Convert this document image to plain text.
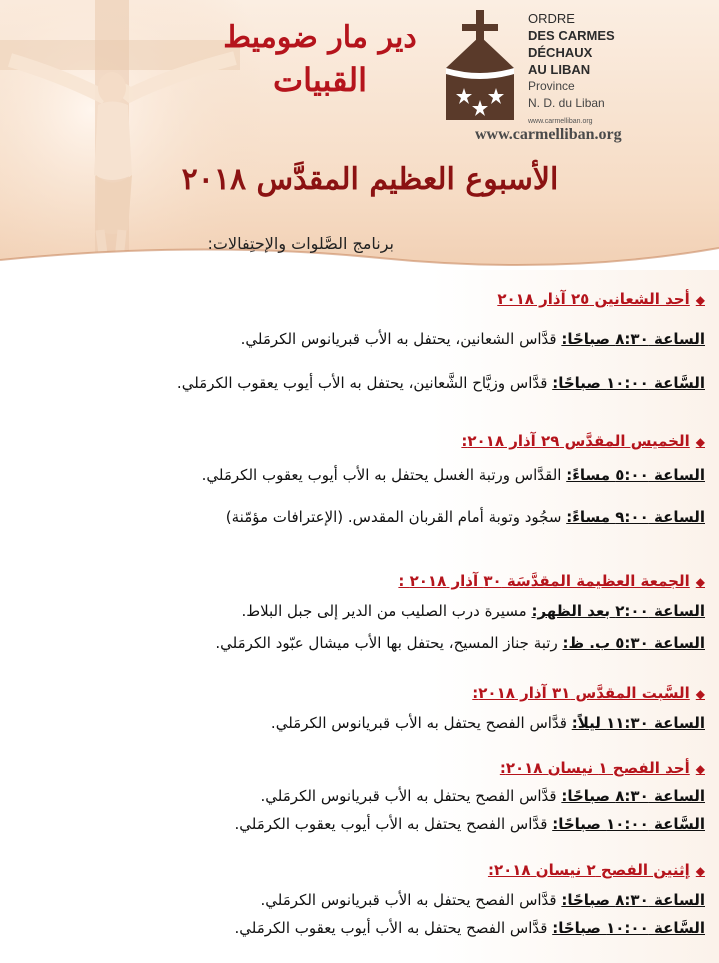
دير مار ضوميط
القبيات
ORDRE
DES CARMES
DÉCHAUX
AU LIBAN
Province
N. D. du Liban
www.carmelliban.org
www.carmelliban.org
الأسبوع العظيم المقدَّس ٢٠١٨
برنامج الصَّلوات والإحتِفالات:
◆أحد الشعانين ٢٥ آذار ٢٠١٨
الساعة ٨:٣٠ صباحًا: قدَّاس الشعانين، يحتفل به الأب قبريانوس الكرمَلي.
السَّاعة ١٠:٠٠ صباحًا: قدَّاس وزيَّاح الشَّعانين، يحتفل به الأب أيوب يعقوب الكرمَلي.
◆الخميس المقدَّس ٢٩ آذار ٢٠١٨:
الساعة ٥:٠٠ مساءً: القدَّاس ورتبة الغسل يحتفل به الأب أيوب يعقوب الكرمَلي.
الساعة ٩:٠٠ مساءً: سجُود وتوبة أمام القربان المقدس. (الإعترافات مؤمّنة)
◆الجمعة العظيمة المقدَّسَة ٣٠ آذار ٢٠١٨ :
الساعة ٢:٠٠ بعد الظهر: مسيرة درب الصليب من الدير إلى جبل البلاط.
الساعة ٥:٣٠ ب. ظ: رتبة جناز المسيح، يحتفل بها الأب ميشال عبّود الكرمَلي.
◆السَّبت المقدَّس ٣١ آذار ٢٠١٨:
الساعة ١١:٣٠ ليلاً: قدَّاس الفصح يحتفل به الأب قبريانوس الكرمَلي.
◆أحد الفصح ١ نيسان ٢٠١٨:
الساعة ٨:٣٠ صباحًا: قدَّاس الفصح يحتفل به الأب قبريانوس الكرمَلي.
السَّاعة ١٠:٠٠ صباحًا: قدَّاس الفصح يحتفل به الأب أيوب يعقوب الكرمَلي.
◆إثنين الفصح ٢ نيسان ٢٠١٨:
الساعة ٨:٣٠ صباحًا: قدَّاس الفصح يحتفل به الأب قبريانوس الكرمَلي.
السَّاعة ١٠:٠٠ صباحًا: قدَّاس الفصح يحتفل به الأب أيوب يعقوب الكرمَلي.
